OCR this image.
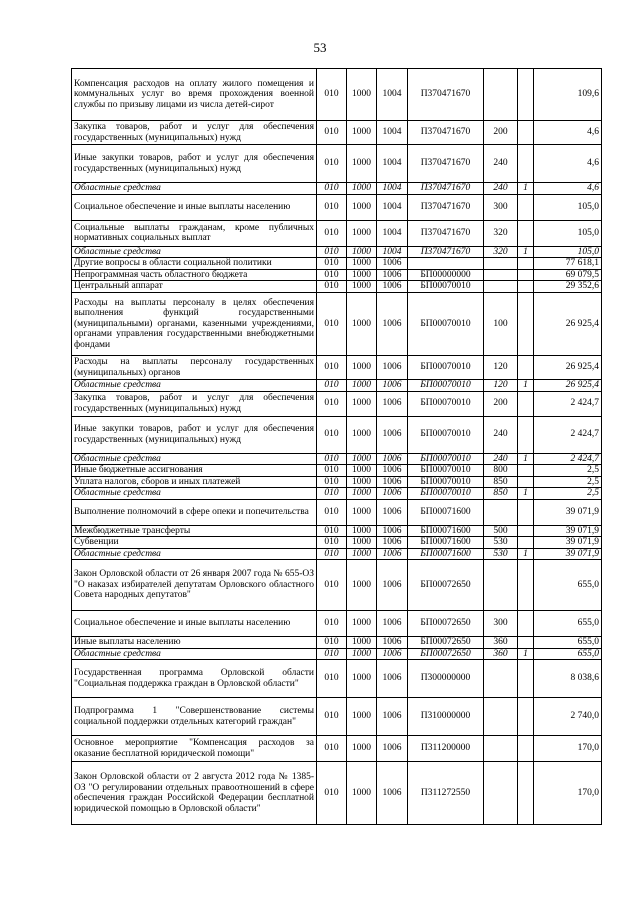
53
Компенсация расходов на оплату жилого помещения и коммунальных услуг во время прохождения военной службы по призыву лицами из числа детей-сирот	010	1000	1004	П370471670			109,6
Закупка товаров, работ и услуг для обеспечения государственных (муниципальных) нужд	010	1000	1004	П370471670	200		4,6
Иные закупки товаров, работ и услуг для обеспечения государственных (муниципальных) нужд	010	1000	1004	П370471670	240		4,6
Областные средства	010	1000	1004	П370471670	240	1	4,6
Социальное обеспечение и иные выплаты населению	010	1000	1004	П370471670	300		105,0
Социальные выплаты гражданам, кроме публичных нормативных социальных выплат	010	1000	1004	П370471670	320		105,0
Областные средства	010	1000	1004	П370471670	320	1	105,0
Другие вопросы в области социальной политики	010	1000	1006				77 618,1
Непрограммная часть областного бюджета	010	1000	1006	БП00000000			69 079,5
Центральный аппарат	010	1000	1006	БП00070010			29 352,6
Расходы на выплаты персоналу в целях обеспечения выполнения функций государственными (муниципальными) органами, казенными учреждениями, органами управления государственными внебюджетными фондами	010	1000	1006	БП00070010	100		26 925,4
Расходы на выплаты персоналу государственных (муниципальных) органов	010	1000	1006	БП00070010	120		26 925,4
Областные средства	010	1000	1006	БП00070010	120	1	26 925,4
Закупка товаров, работ и услуг для обеспечения государственных (муниципальных) нужд	010	1000	1006	БП00070010	200		2 424,7
Иные закупки товаров, работ и услуг для обеспечения государственных (муниципальных) нужд	010	1000	1006	БП00070010	240		2 424,7
Областные средства	010	1000	1006	БП00070010	240	1	2 424,7
Иные бюджетные ассигнования	010	1000	1006	БП00070010	800		2,5
Уплата налогов, сборов и иных платежей	010	1000	1006	БП00070010	850		2,5
Областные средства	010	1000	1006	БП00070010	850	1	2,5
Выполнение полномочий в сфере опеки и попечительства	010	1000	1006	БП00071600			39 071,9
Межбюджетные трансферты	010	1000	1006	БП00071600	500		39 071,9
Субвенции	010	1000	1006	БП00071600	530		39 071,9
Областные средства	010	1000	1006	БП00071600	530	1	39 071,9
Закон Орловской области от 26 января 2007 года № 655-ОЗ "О наказах избирателей депутатам Орловского областного Совета народных депутатов"	010	1000	1006	БП00072650			655,0
Социальное обеспечение и иные выплаты населению	010	1000	1006	БП00072650	300		655,0
Иные выплаты населению	010	1000	1006	БП00072650	360		655,0
Областные средства	010	1000	1006	БП00072650	360	1	655,0
Государственная программа Орловской области "Социальная поддержка граждан в Орловской области"	010	1000	1006	П300000000			8 038,6
Подпрограмма 1 "Совершенствование системы социальной поддержки отдельных категорий граждан"	010	1000	1006	П310000000			2 740,0
Основное мероприятие "Компенсация расходов за оказание бесплатной юридической помощи"	010	1000	1006	П311200000			170,0
Закон Орловской области от 2 августа 2012 года № 1385-ОЗ "О регулировании отдельных правоотношений в сфере обеспечения граждан Российской Федерации бесплатной юридической помощью в Орловской области"	010	1000	1006	П311272550			170,0
